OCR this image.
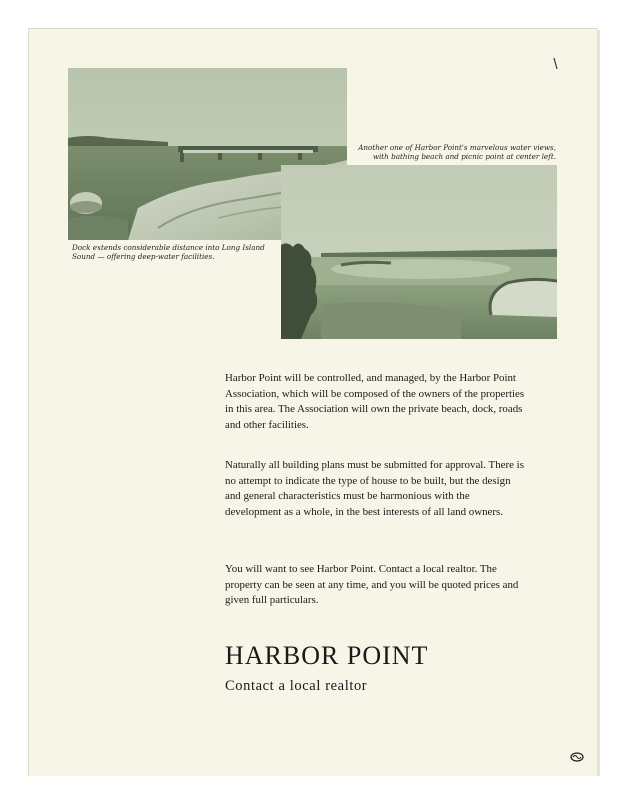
Dock extends considerable distance into Long Island Sound — offering deep-water facilities.
Another one of Harbor Point's marvelous water views, with bathing beach and picnic point at center left.

Harbor Point will be controlled, and managed, by the Harbor Point Association, which will be composed of the owners of the properties in this area. The Association will own the private beach, dock, roads and other facilities.

Naturally all building plans must be submitted for approval. There is no attempt to indicate the type of house to be built, but the design and general characteristics must be harmonious with the development as a whole, in the best interests of all land owners.

You will want to see Harbor Point. Contact a local realtor. The property can be seen at any time, and you will be quoted prices and given full particulars.

HARBOR POINT

Contact a local realtor
